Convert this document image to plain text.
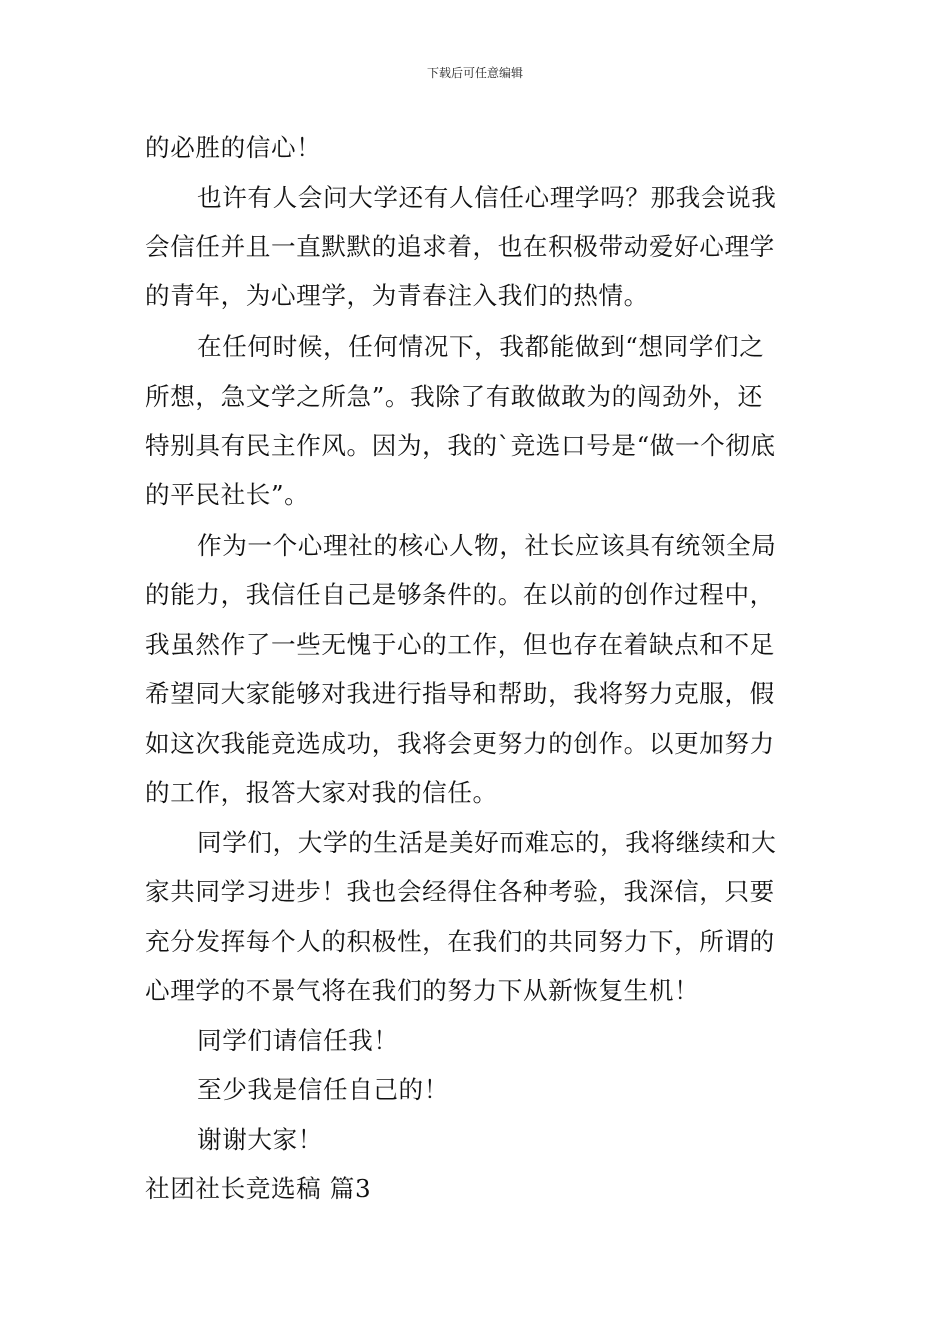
下载后可任意编辑
的必胜的信心！
也许有人会问大学还有人信任心理学吗？那我会说我
会信任并且一直默默的追求着，也在积极带动爱好心理学
的青年，为心理学，为青春注入我们的热情。
在任何时候，任何情况下，我都能做到“想同学们之
所想，急文学之所急”。我除了有敢做敢为的闯劲外，还
特别具有民主作风。因为，我的`竞选口号是“做一个彻底
的平民社长”。
作为一个心理社的核心人物，社长应该具有统领全局
的能力，我信任自己是够条件的。在以前的创作过程中，
我虽然作了一些无愧于心的工作，但也存在着缺点和不足
希望同大家能够对我进行指导和帮助，我将努力克服，假
如这次我能竞选成功，我将会更努力的创作。以更加努力
的工作，报答大家对我的信任。
同学们，大学的生活是美好而难忘的，我将继续和大
家共同学习进步！我也会经得住各种考验，我深信，只要
充分发挥每个人的积极性，在我们的共同努力下，所谓的
心理学的不景气将在我们的努力下从新恢复生机！
同学们请信任我！
至少我是信任自己的！
谢谢大家！
社团社长竞选稿 篇3
